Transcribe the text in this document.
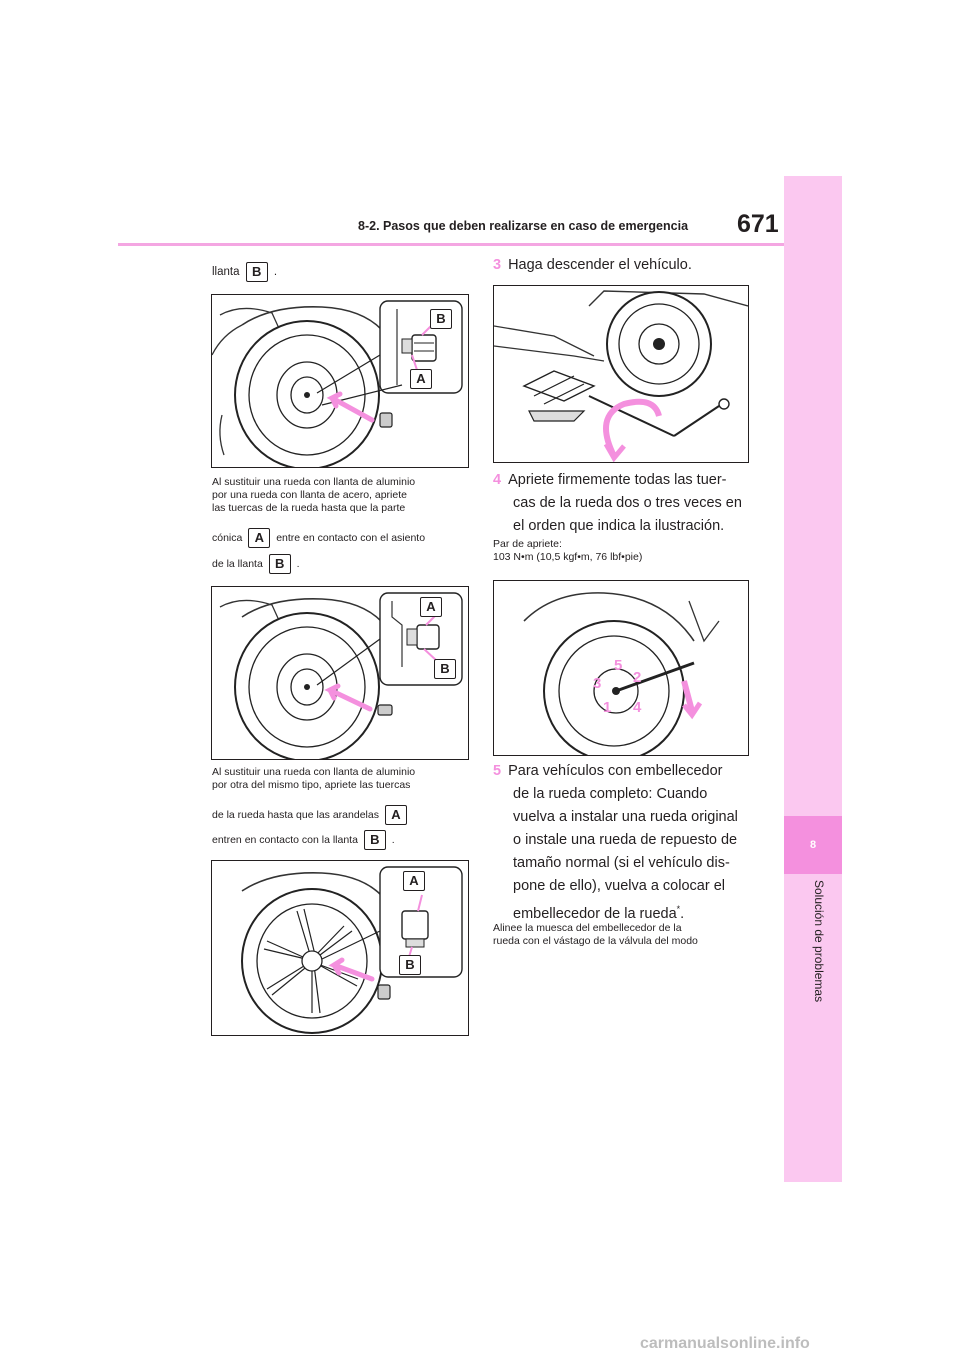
8-2. Pasos que deben realizarse en caso de emergencia 671
8
Solución de problemas
llanta B .
B
A
Al sustituir una rueda con llanta de aluminio
por una rueda con llanta de acero, apriete
las tuercas de la rueda hasta que la parte
cónica A entre en contacto con el asiento
de la llanta B .
A
B
Al sustituir una rueda con llanta de aluminio
por otra del mismo tipo, apriete las tuercas
de la rueda hasta que las arandelas A
entren en contacto con la llanta B .
A
B
3 Haga descender el vehículo.
4 Apriete firmemente todas las tuer-
cas de la rueda dos o tres veces en
el orden que indica la ilustración.
Par de apriete:
103 N•m (10,5 kgf•m, 76 lbf•pie)
1
2
3
4
5
5 Para vehículos con embellecedor
de la rueda completo: Cuando
vuelva a instalar una rueda original
o instale una rueda de repuesto de
tamaño normal (si el vehículo dis-
pone de ello), vuelva a colocar el
embellecedor de la rueda*.
Alinee la muesca del embellecedor de la
rueda con el vástago de la válvula del modo
carmanualsonline.info
